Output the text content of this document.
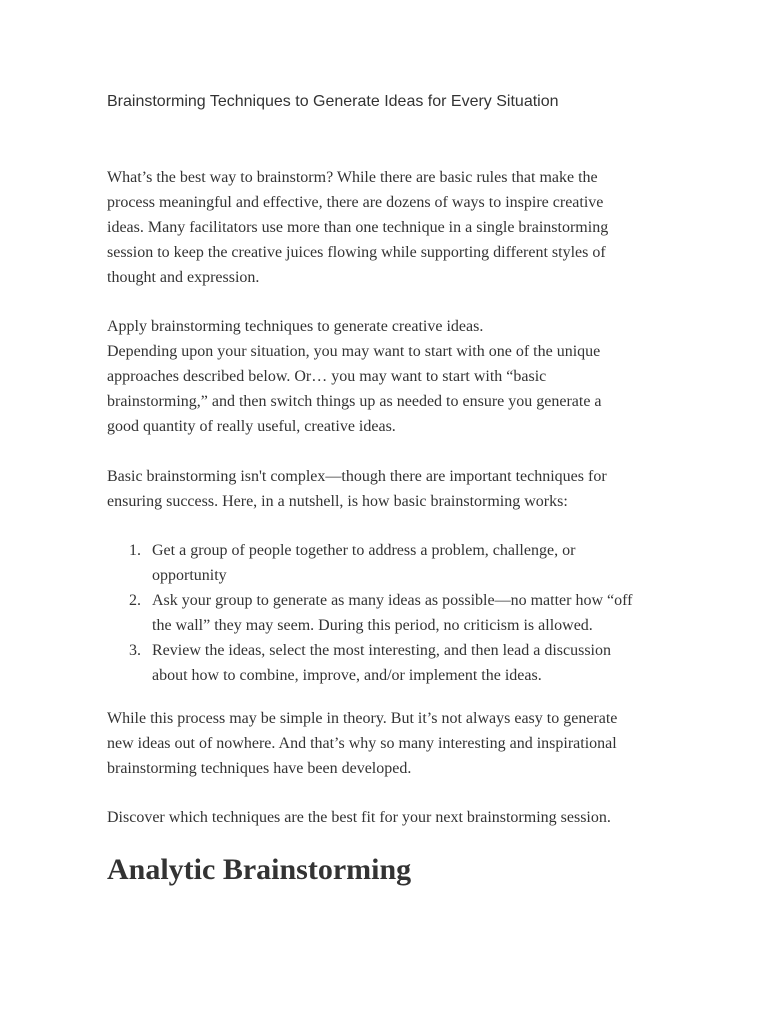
Brainstorming Techniques to Generate Ideas for Every Situation

What’s the best way to brainstorm? While there are basic rules that make the
process meaningful and effective, there are dozens of ways to inspire creative
ideas. Many facilitators use more than one technique in a single brainstorming
session to keep the creative juices flowing while supporting different styles of
thought and expression.

Apply brainstorming techniques to generate creative ideas.
Depending upon your situation, you may want to start with one of the unique
approaches described below. Or… you may want to start with “basic
brainstorming,” and then switch things up as needed to ensure you generate a
good quantity of really useful, creative ideas.

Basic brainstorming isn't complex—though there are important techniques for
ensuring success. Here, in a nutshell, is how basic brainstorming works:

1. Get a group of people together to address a problem, challenge, or
opportunity
2. Ask your group to generate as many ideas as possible—no matter how “off
the wall” they may seem. During this period, no criticism is allowed.
3. Review the ideas, select the most interesting, and then lead a discussion
about how to combine, improve, and/or implement the ideas.

While this process may be simple in theory. But it’s not always easy to generate
new ideas out of nowhere. And that’s why so many interesting and inspirational
brainstorming techniques have been developed.

Discover which techniques are the best fit for your next brainstorming session.

Analytic Brainstorming
